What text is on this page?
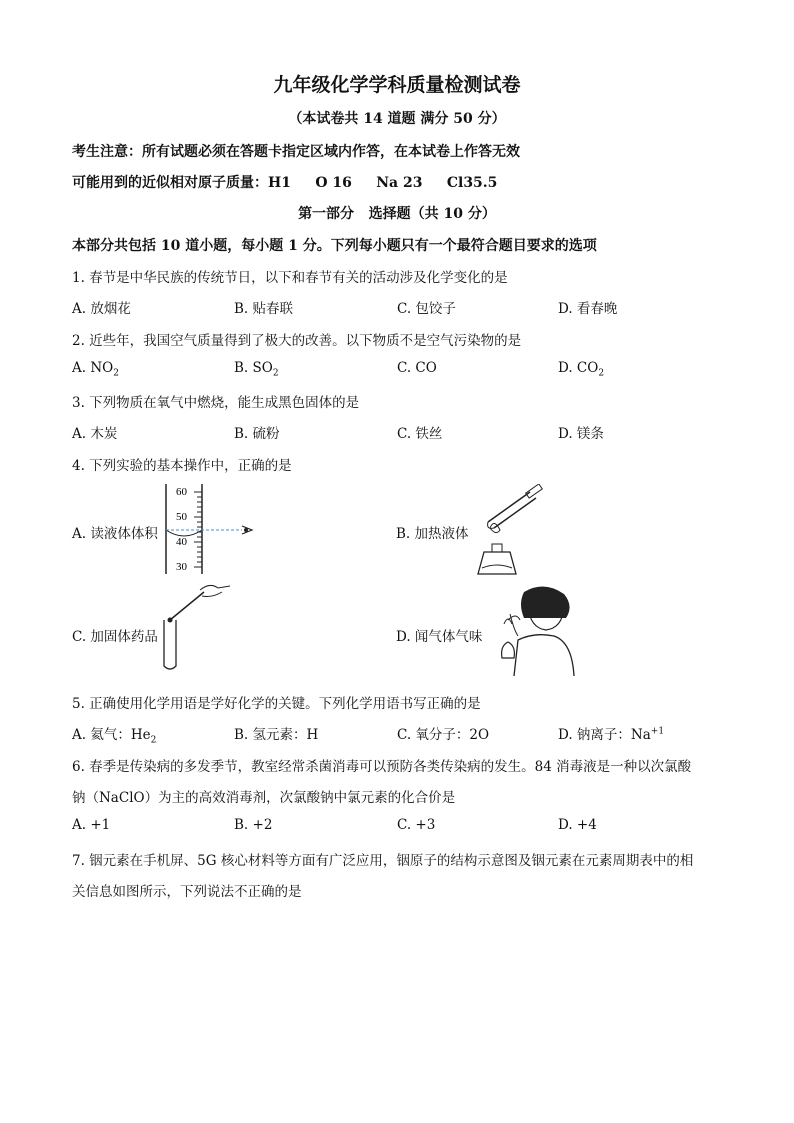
九年级化学学科质量检测试卷
（本试卷共 14 道题 满分 50 分）
考生注意：所有试题必须在答题卡指定区域内作答，在本试卷上作答无效
可能用到的近似相对原子质量：H1     O 16     Na 23     Cl35.5
第一部分   选择题（共 10 分）
本部分共包括 10 道小题，每小题 1 分。下列每小题只有一个最符合题目要求的选项
1. 春节是中华民族的传统节日，以下和春节有关的活动涉及化学变化的是
A. 放烟花	B. 贴春联	C. 包饺子	D. 看春晚
2. 近些年，我国空气质量得到了极大的改善。以下物质不是空气污染物的是
A. $NO_2$	B. $SO_2$	C. CO	D. $CO_2$
3. 下列物质在氧气中燃烧，能生成黑色固体的是
A. 木炭	B. 硫粉	C. 铁丝	D. 镁条
4. 下列实验的基本操作中，正确的是
A. 读液体体积
60
50
40
30
B. 加热液体
C. 加固体药品	D. 闻气体气味
5. 正确使用化学用语是学好化学的关键。下列化学用语书写正确的是
A. 氦气：$He_2$	B. 氢元素：H	C. 氧分子：2O	D. 钠离子：$Na^{+1}$
6. 春季是传染病的多发季节，教室经常杀菌消毒可以预防各类传染病的发生。84 消毒液是一种以次氯酸
钠（NaClO）为主的高效消毒剂，次氯酸钠中氯元素的化合价是
A. +1	B. +2	C. +3	D. +4
7. 铟元素在手机屏、5G 核心材料等方面有广泛应用，铟原子的结构示意图及铟元素在元素周期表中的相
关信息如图所示，下列说法不正确的是
